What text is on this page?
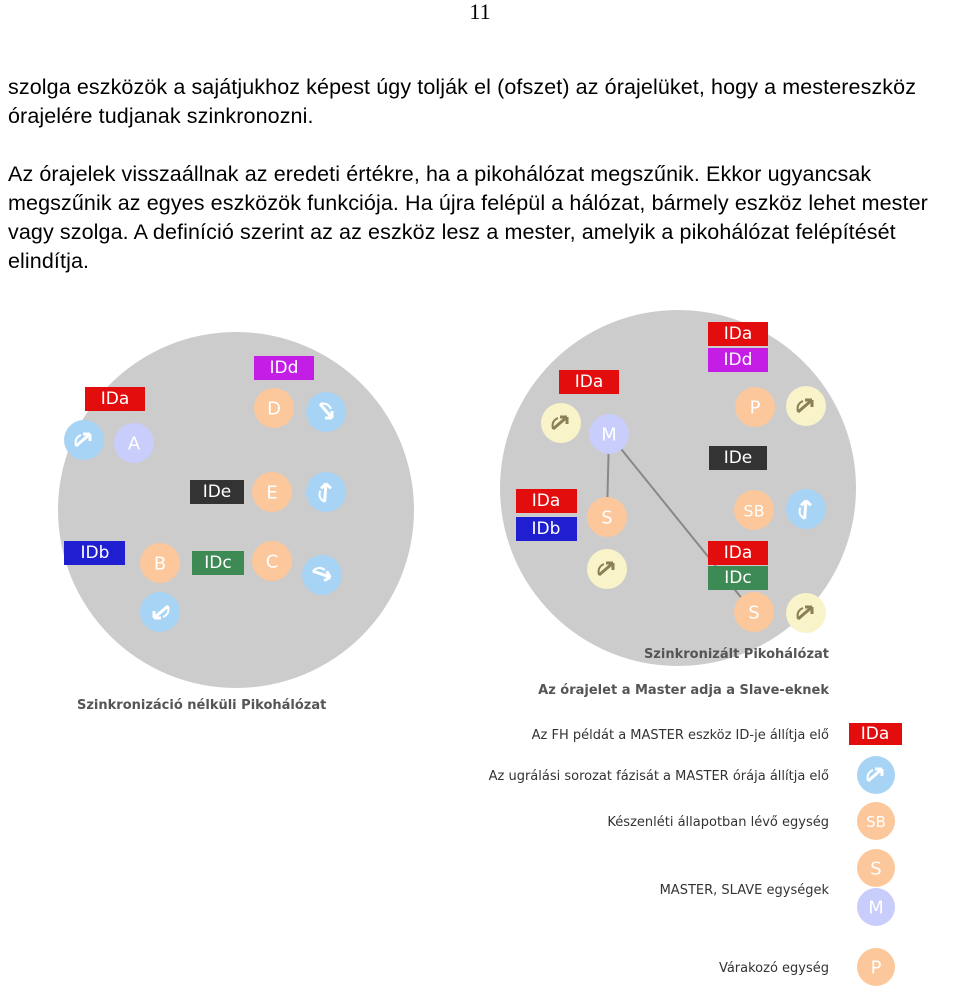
11

szolga eszközök a sajátjukhoz képest úgy tolják el (ofszet) az órajelüket, hogy a mestereszköz órajelére tudjanak szinkronozni.

Az órajelek visszaállnak az eredeti értékre, ha a pikohálózat megszűnik. Ekkor ugyancsak megszűnik az egyes eszközök funkciója. Ha újra felépül a hálózat, bármely eszköz lehet mester vagy szolga. A definíció szerint az az eszköz lesz a mester, amelyik a pikohálózat felépítését elindítja.

IDa
IDd
IDe
IDb	IDc
A
D
E
B	C
Szinkronizáció nélküli Pikohálózat
IDa
IDd
IDa
IDe
IDa
IDb
IDa
IDc
P
M
SB
S
S
Szinkronizált Pikohálózat
Az órajelet a Master adja a Slave-eknek
Az FH példát a MASTER eszköz ID-je állítja elő IDa
Az ugrálási sorozat fázisát a MASTER órája állítja elő
Készenléti állapotban lévő egység SB
MASTER, SLAVE egységek
S
M
Várakozó egység P
